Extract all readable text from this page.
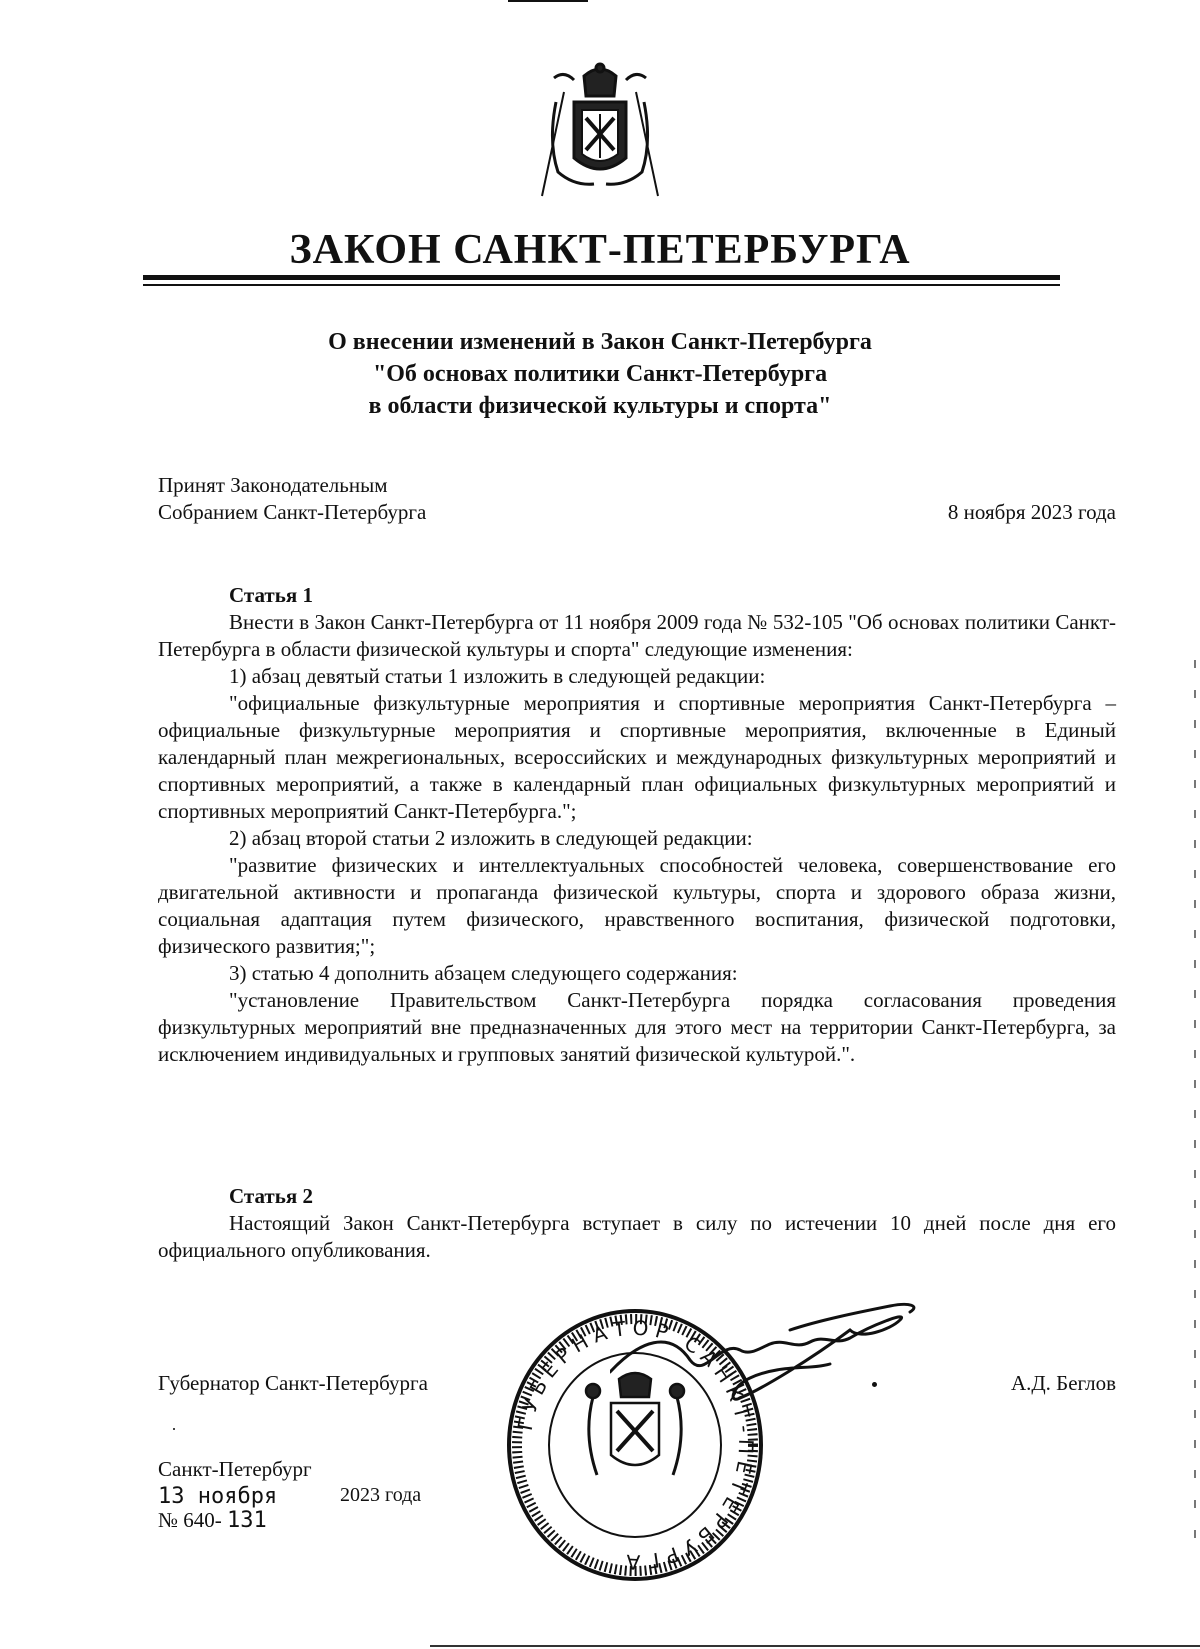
ЗАКОН САНКТ-ПЕТЕРБУРГА
О внесении изменений в Закон Санкт-Петербурга
"Об основах политики Санкт-Петербурга
в области физической культуры и спорта"
Принят Законодательным
Собранием Санкт-Петербурга	8 ноября 2023 года

Статья 1

Внести в Закон Санкт-Петербурга от 11 ноября 2009 года № 532-105 "Об основах политики Санкт-Петербурга в области физической культуры и спорта" следующие изменения:

1) абзац девятый статьи 1 изложить в следующей редакции:

"официальные физкультурные мероприятия и спортивные мероприятия Санкт-Петербурга – официальные физкультурные мероприятия и спортивные мероприятия, включенные в Единый календарный план межрегиональных, всероссийских и международных физкультурных мероприятий и спортивных мероприятий, а также в календарный план официальных физкультурных мероприятий и спортивных мероприятий Санкт-Петербурга.";

2) абзац второй статьи 2 изложить в следующей редакции:

"развитие физических и интеллектуальных способностей человека, совершенствование его двигательной активности и пропаганда физической культуры, спорта и здорового образа жизни, социальная адаптация путем физического, нравственного воспитания, физической подготовки, физического развития;";

3) статью 4 дополнить абзацем следующего содержания:

"установление Правительством Санкт-Петербурга порядка согласования проведения физкультурных мероприятий вне предназначенных для этого мест на территории Санкт-Петербурга, за исключением индивидуальных и групповых занятий физической культурой.".

Статья 2

Настоящий Закон Санкт-Петербурга вступает в силу по истечении 10 дней после дня его официального опубликования.

Губернатор Санкт-Петербурга	А.Д. Беглов
Санкт-Петербург
13 ноября	2023 года
№ 640- 131
ГУБЕРНАТОР САНКТ-ПЕТЕРБУРГА
